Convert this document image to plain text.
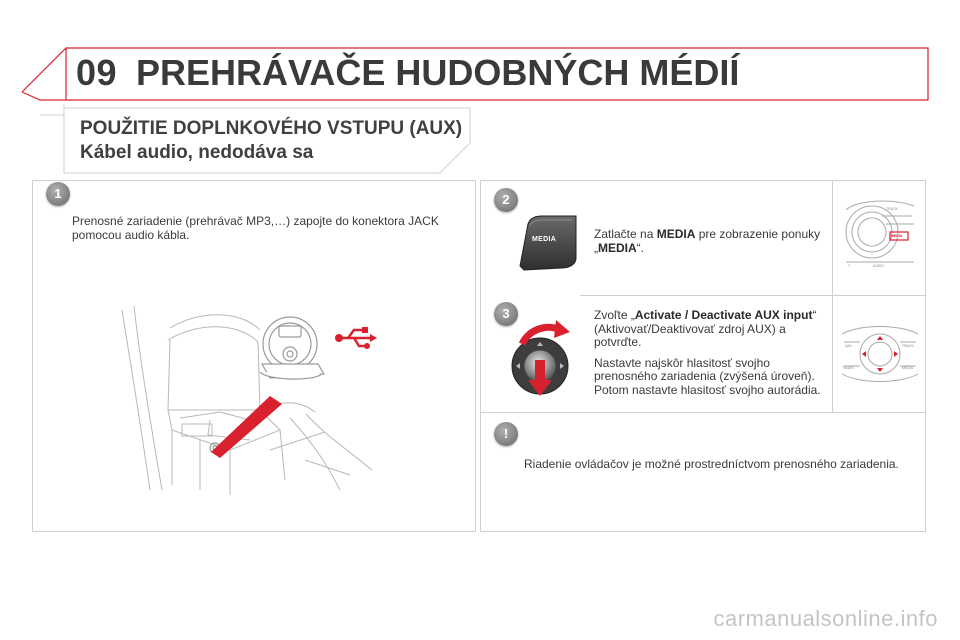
09 PREHRÁVAČE HUDOBNÝCH MÉDIÍ
POUŽITIE DOPLNKOVÉHO VSTUPU (AUX)
Kábel audio, nedodáva sa
1
Prenosné zariadenie (prehrávač MP3,…) zapojte do konektora JACK pomocou audio kábla.
2
MEDIA	Zatlačte na MEDIA pre zobrazenie ponuky „MEDIA“.
TRACK
MEDIA
AUDIO
T
3	Zvoľte „Activate / Deactivate AUX input“ (Aktivovať/Deaktivovať zdroj AUX) a potvrďte.
Nastavte najskôr hlasitosť svojho prenosného zariadenia (zvýšená úroveň). Potom nastavte hlasitosť svojho autorádia.
NAV	TRACK
RADIO	MEDIA
!
Riadenie ovládačov je možné prostredníctvom prenosného zariadenia.
carmanualsonline.info
